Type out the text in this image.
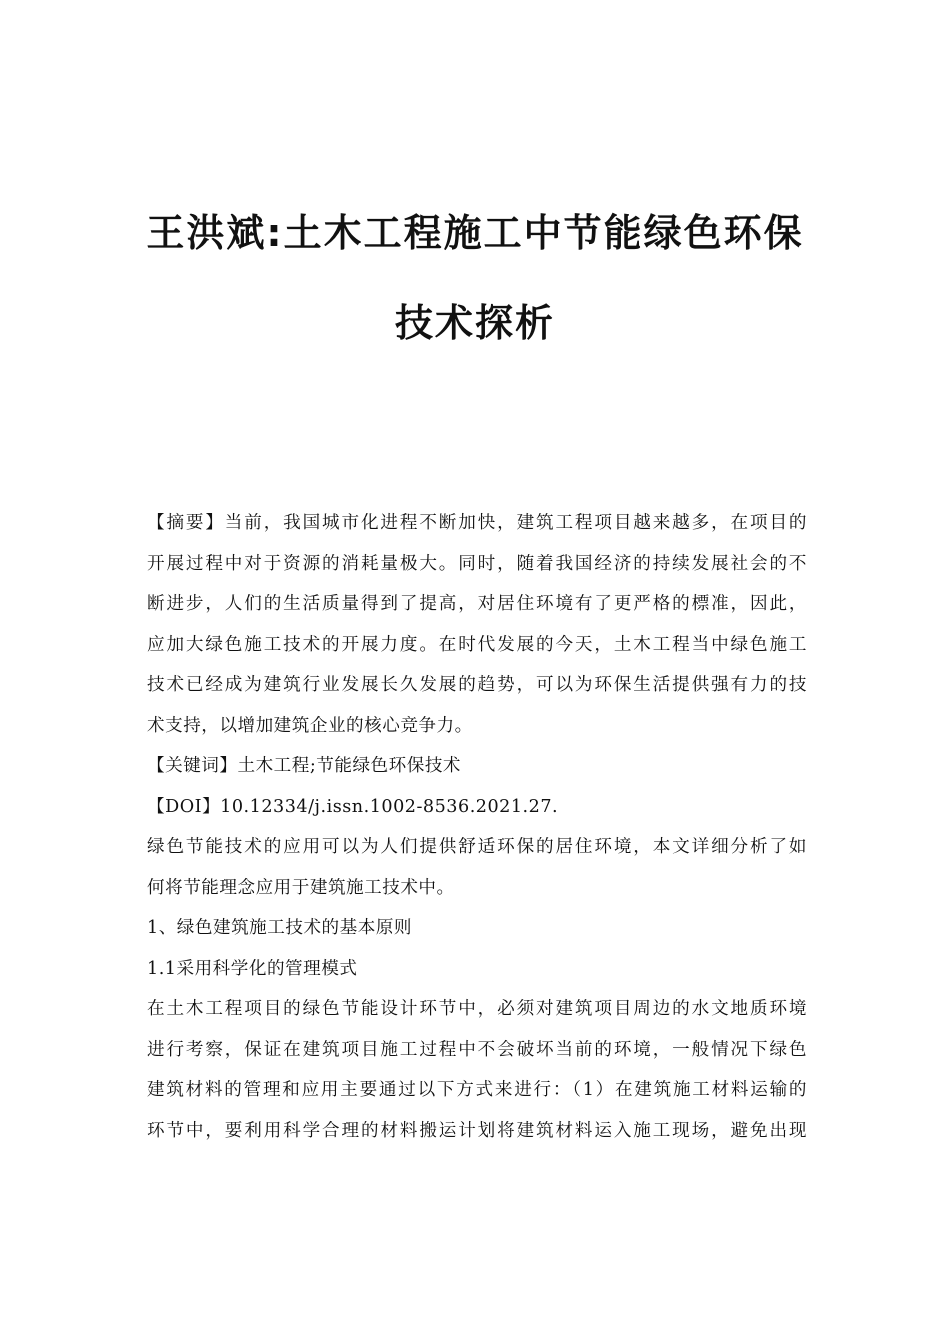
王洪斌:土木工程施工中节能绿色环保
技术探析
【摘要】当前，我国城市化进程不断加快，建筑工程项目越来越多，在项目的
开展过程中对于资源的消耗量极大。同时，随着我国经济的持续发展社会的不
断进步，人们的生活质量得到了提高，对居住环境有了更严格的標准，因此，
应加大绿色施工技术的开展力度。在时代发展的今天，土木工程当中绿色施工
技术已经成为建筑行业发展长久发展的趋势，可以为环保生活提供强有力的技
术支持，以增加建筑企业的核心竞争力。
【关键词】土木工程;节能绿色环保技术
【DOI】10.12334/j.issn.1002-8536.2021.27.
绿色节能技术的应用可以为人们提供舒适环保的居住环境，本文详细分析了如
何将节能理念应用于建筑施工技术中。
1、绿色建筑施工技术的基本原则
1.1采用科学化的管理模式
在土木工程项目的绿色节能设计环节中，必须对建筑项目周边的水文地质环境
进行考察，保证在建筑项目施工过程中不会破坏当前的环境，一般情况下绿色
建筑材料的管理和应用主要通过以下方式来进行：（1）在建筑施工材料运输的
环节中，要利用科学合理的材料搬运计划将建筑材料运入施工现场，避免出现
